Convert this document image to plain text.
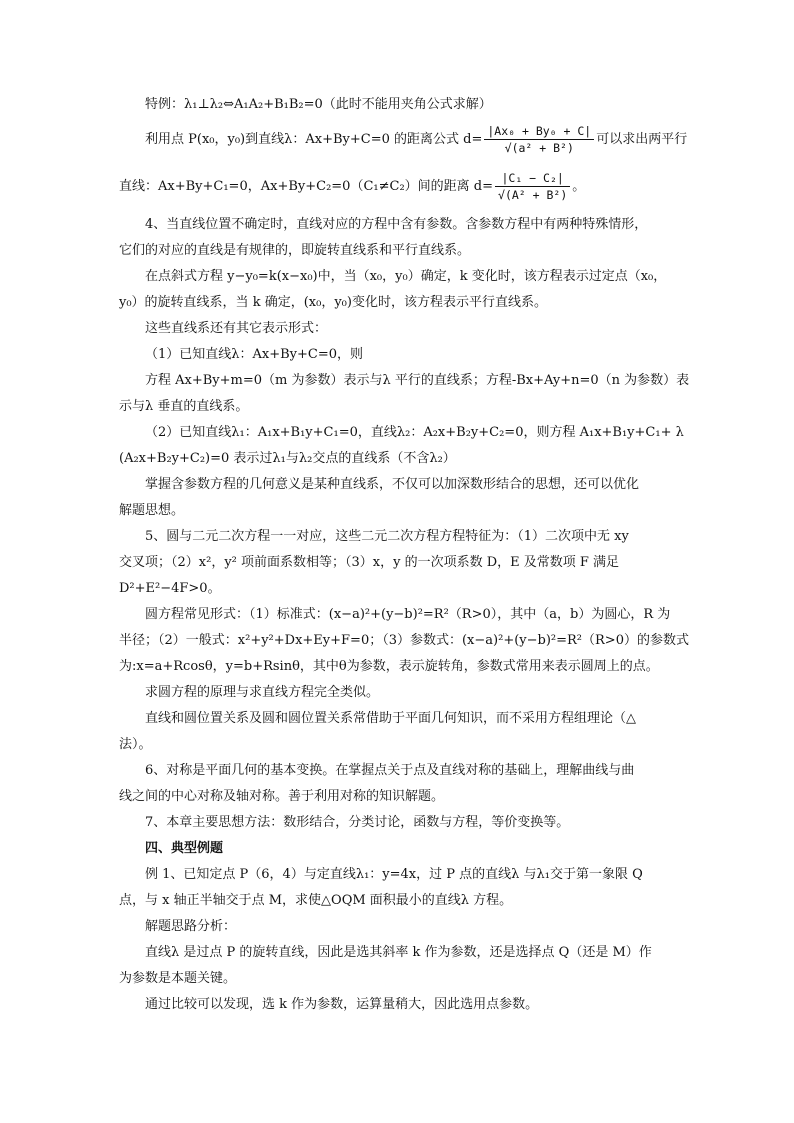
特例：λ₁⊥λ₂⇔A₁A₂+B₁B₂=0（此时不能用夹角公式求解）
利用点 P(x₀，y₀)到直线λ：Ax+By+C=0 的距离公式 $d= \frac{\text{|Ax₀ + By₀ + C|}}{\text{√(a² + B²)}}$ 可以求出两平行
直线：Ax+By+C₁=0，Ax+By+C₂=0（C₁≠C₂）间的距离 $d= \frac{\text{|C₁ − C₂|}}{\text{√(A² + B²)}}$ 。
4、当直线位置不确定时，直线对应的方程中含有参数。含参数方程中有两种特殊情形，
它们的对应的直线是有规律的，即旋转直线系和平行直线系。
在点斜式方程 y−y₀=k(x−x₀)中，当（x₀，y₀）确定，k 变化时，该方程表示过定点（x₀，
y₀）的旋转直线系，当 k 确定，(x₀，y₀)变化时，该方程表示平行直线系。
这些直线系还有其它表示形式：
（1）已知直线λ：Ax+By+C=0，则
方程 Ax+By+m=0（m 为参数）表示与λ 平行的直线系；方程-Bx+Ay+n=0（n 为参数）表
示与λ 垂直的直线系。
（2）已知直线λ₁：A₁x+B₁y+C₁=0，直线λ₂：A₂x+B₂y+C₂=0，则方程 A₁x+B₁y+C₁+ λ
(A₂x+B₂y+C₂)=0 表示过λ₁与λ₂交点的直线系（不含λ₂）
掌握含参数方程的几何意义是某种直线系，不仅可以加深数形结合的思想，还可以优化
解题思想。
5、圆与二元二次方程一一对应，这些二元二次方程方程特征为：（1）二次项中无 xy
交叉项；（2）x²，y² 项前面系数相等；（3）x，y 的一次项系数 D，E 及常数项 F 满足
D²+E²−4F>0。
圆方程常见形式：（1）标准式：(x−a)²+(y−b)²=R²（R>0），其中（a，b）为圆心，R 为
半径；（2）一般式：x²+y²+Dx+Ey+F=0；（3）参数式：(x−a)²+(y−b)²=R²（R>0）的参数式
为:x=a+Rcosθ，y=b+Rsinθ，其中θ为参数，表示旋转角，参数式常用来表示圆周上的点。
求圆方程的原理与求直线方程完全类似。
直线和圆位置关系及圆和圆位置关系常借助于平面几何知识，而不采用方程组理论（△
法）。
6、对称是平面几何的基本变换。在掌握点关于点及直线对称的基础上，理解曲线与曲
线之间的中心对称及轴对称。善于利用对称的知识解题。
7、本章主要思想方法：数形结合，分类讨论，函数与方程，等价变换等。
四、典型例题
例 1、已知定点 P（6，4）与定直线λ₁：y=4x，过 P 点的直线λ 与λ₁交于第一象限 Q
点，与 x 轴正半轴交于点 M，求使△OQM 面积最小的直线λ 方程。
解题思路分析：
直线λ 是过点 P 的旋转直线，因此是选其斜率 k 作为参数，还是选择点 Q（还是 M）作
为参数是本题关键。
通过比较可以发现，选 k 作为参数，运算量稍大，因此选用点参数。
